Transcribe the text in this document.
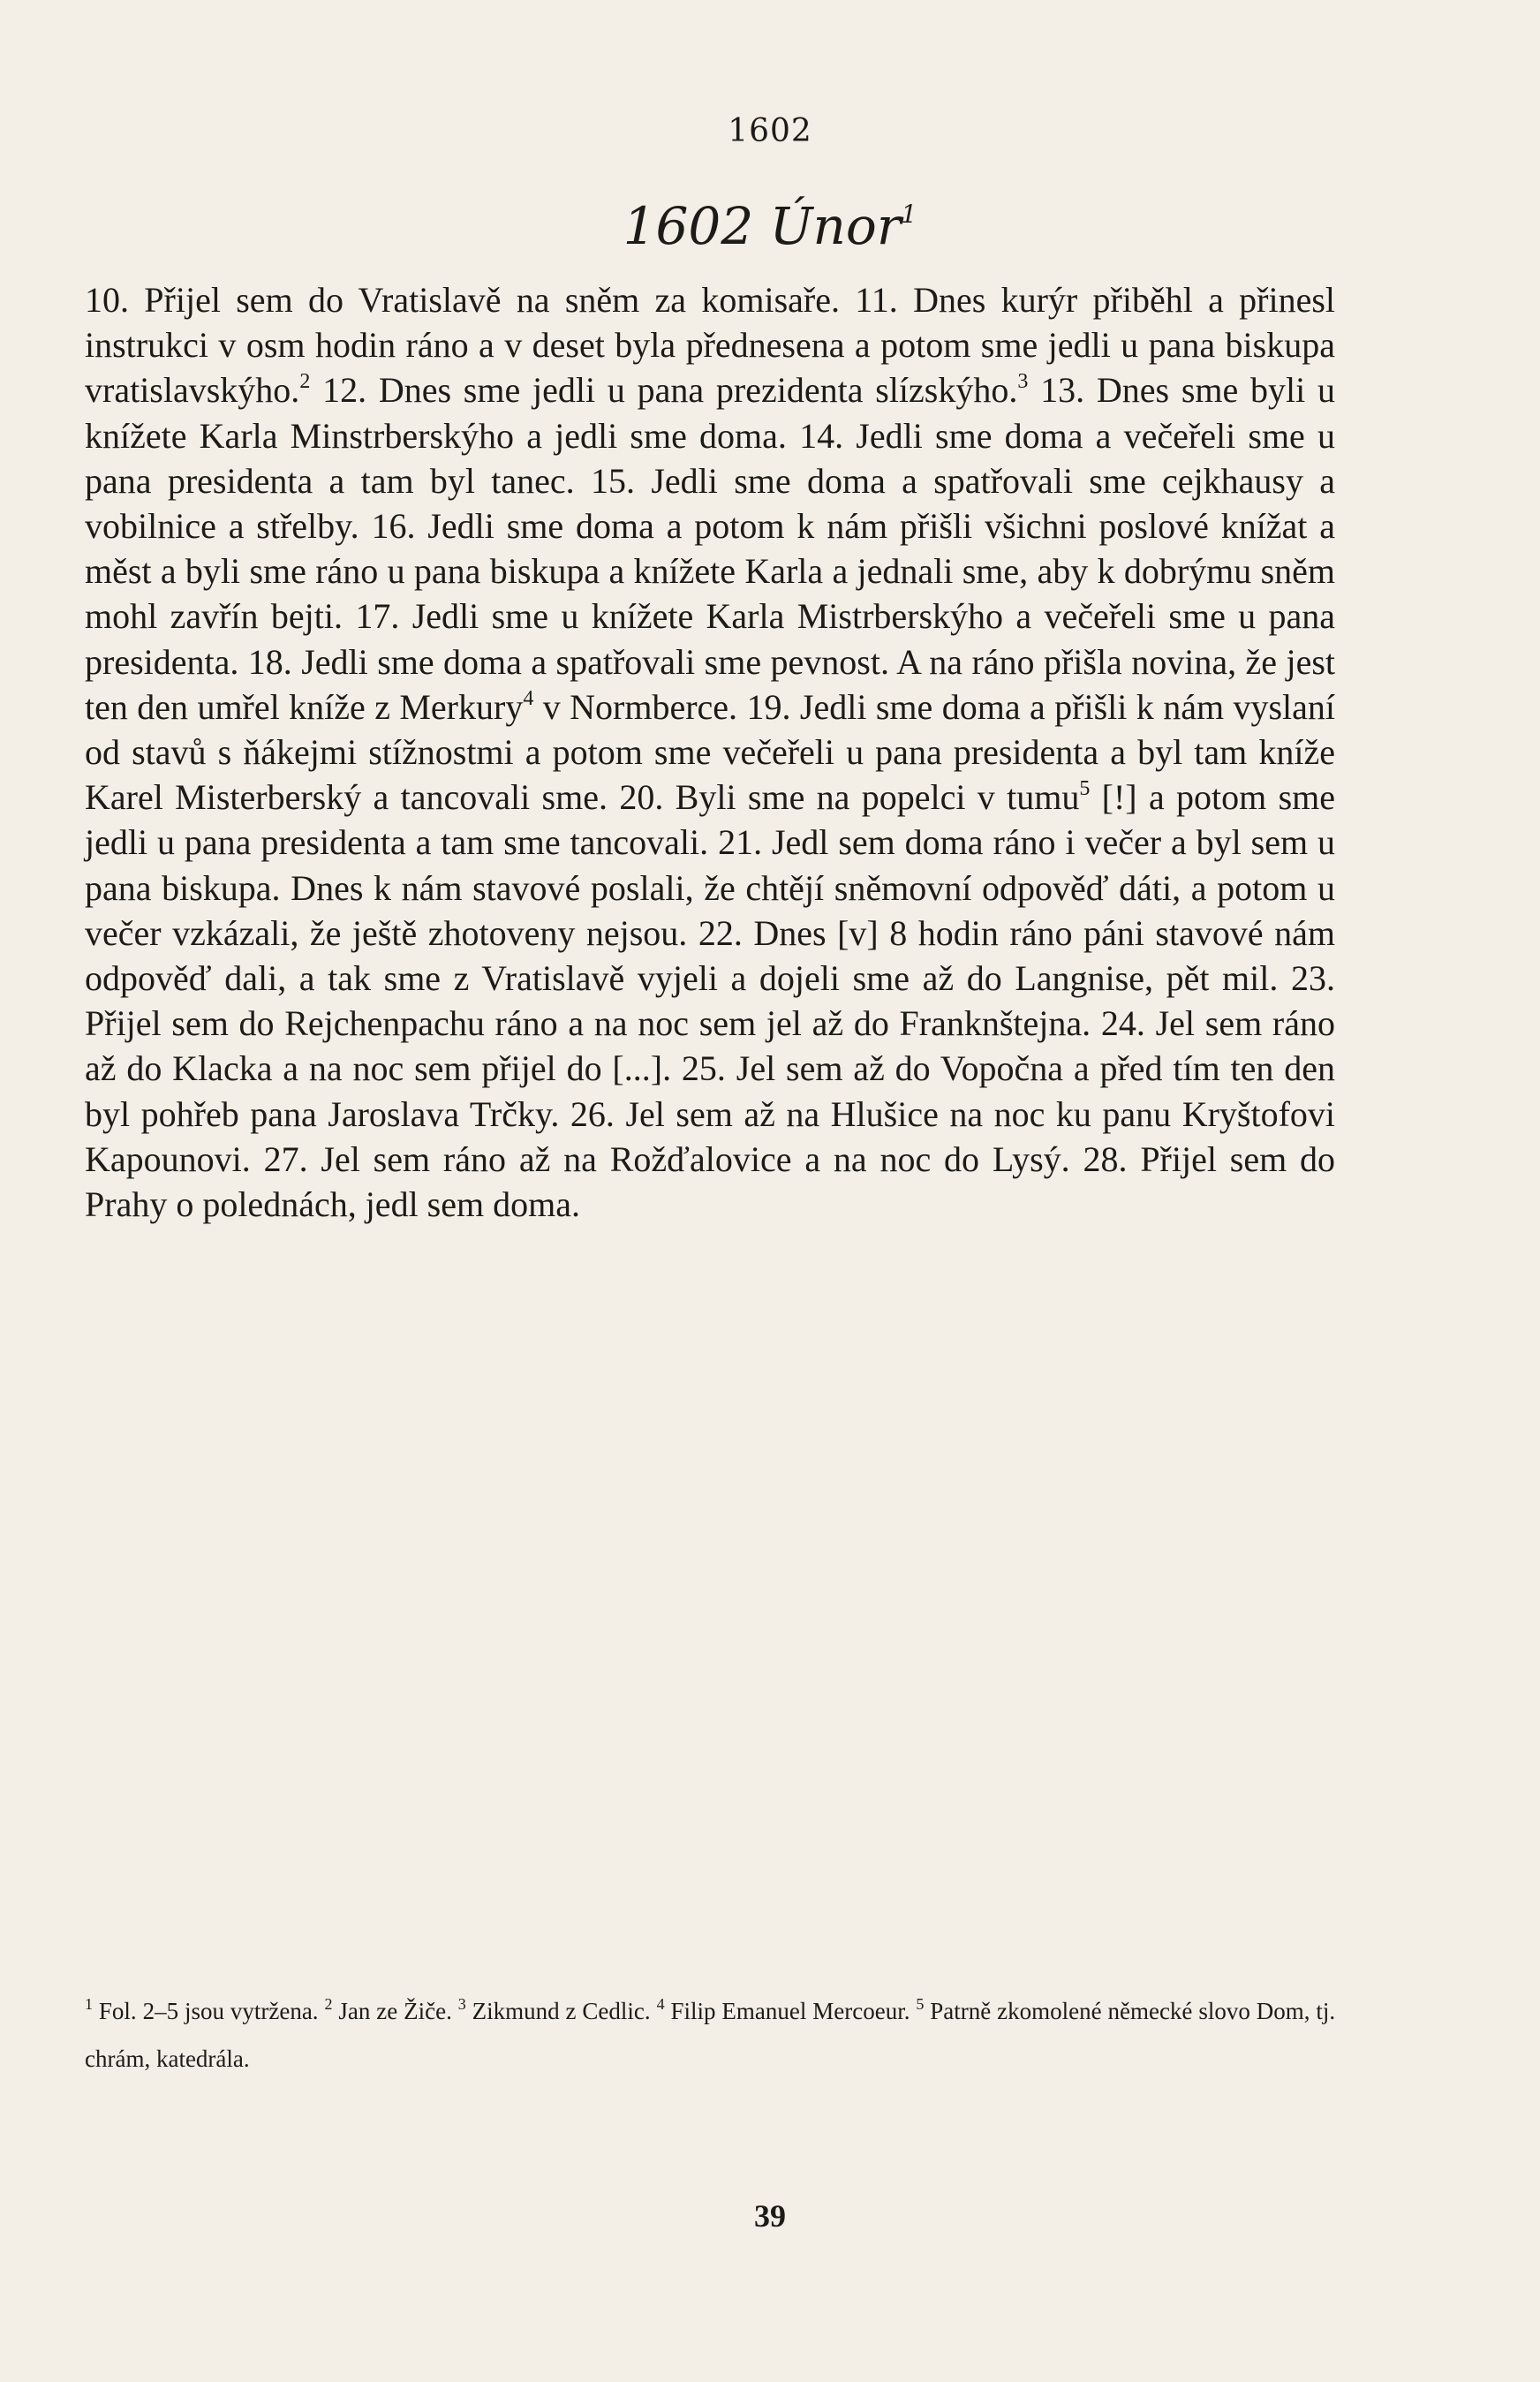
1602
1602 Únor$^1$
10. Přijel sem do Vratislavě na sněm za komisaře. 11. Dnes kurýr přiběhl a přinesl instrukci v osm hodin ráno a v deset byla přednesena a potom sme jedli u pana biskupa vratislavskýho.$^2$ 12. Dnes sme jedli u pana prezidenta slízskýho.$^3$ 13. Dnes sme byli u knížete Karla Minstrberskýho a jedli sme doma. 14. Jedli sme doma a večeřeli sme u pana presidenta a tam byl tanec. 15. Jedli sme doma a spatřovali sme cejkhausy a vobilnice a střelby. 16. Jedli sme doma a potom k nám přišli všichni poslové knížat a měst a byli sme ráno u pana biskupa a knížete Karla a jednali sme, aby k dobrýmu sněm mohl zavřín bejti. 17. Jedli sme u knížete Karla Mistrberskýho a večeřeli sme u pana presidenta. 18. Jedli sme doma a spatřovali sme pevnost. A na ráno přišla novina, že jest ten den umřel kníže z Merkury$^4$ v Normberce. 19. Jedli sme doma a přišli k nám vyslaní od stavů s ňákejmi stížnostmi a potom sme večeřeli u pana presidenta a byl tam kníže Karel Misterberský a tancovali sme. 20. Byli sme na popelci v tumu$^5$ [!] a potom sme jedli u pana presidenta a tam sme tancovali. 21. Jedl sem doma ráno i večer a byl sem u pana biskupa. Dnes k nám stavové poslali, že chtějí sněmovní odpověď dáti, a potom u večer vzkázali, že ještě zhotoveny nejsou. 22. Dnes [v] 8 hodin ráno páni stavové nám odpověď dali, a tak sme z Vratislavě vyjeli a dojeli sme až do Langnise, pět mil. 23. Přijel sem do Rejchenpachu ráno a na noc sem jel až do Franknštejna. 24. Jel sem ráno až do Klacka a na noc sem přijel do [...]. 25. Jel sem až do Vopočna a před tím ten den byl pohřeb pana Jaroslava Trčky. 26. Jel sem až na Hlušice na noc ku panu Kryštofovi Kapounovi. 27. Jel sem ráno až na Rožďalovice a na noc do Lysý. 28. Přijel sem do Prahy o polednách, jedl sem doma.
$^1$ Fol. 2–5 jsou vytržena. $^2$ Jan ze Žiče. $^3$ Zikmund z Cedlic. $^4$ Filip Emanuel Mercoeur. $^5$ Patrně zkomolené německé slovo Dom, tj. chrám, katedrála.
39
